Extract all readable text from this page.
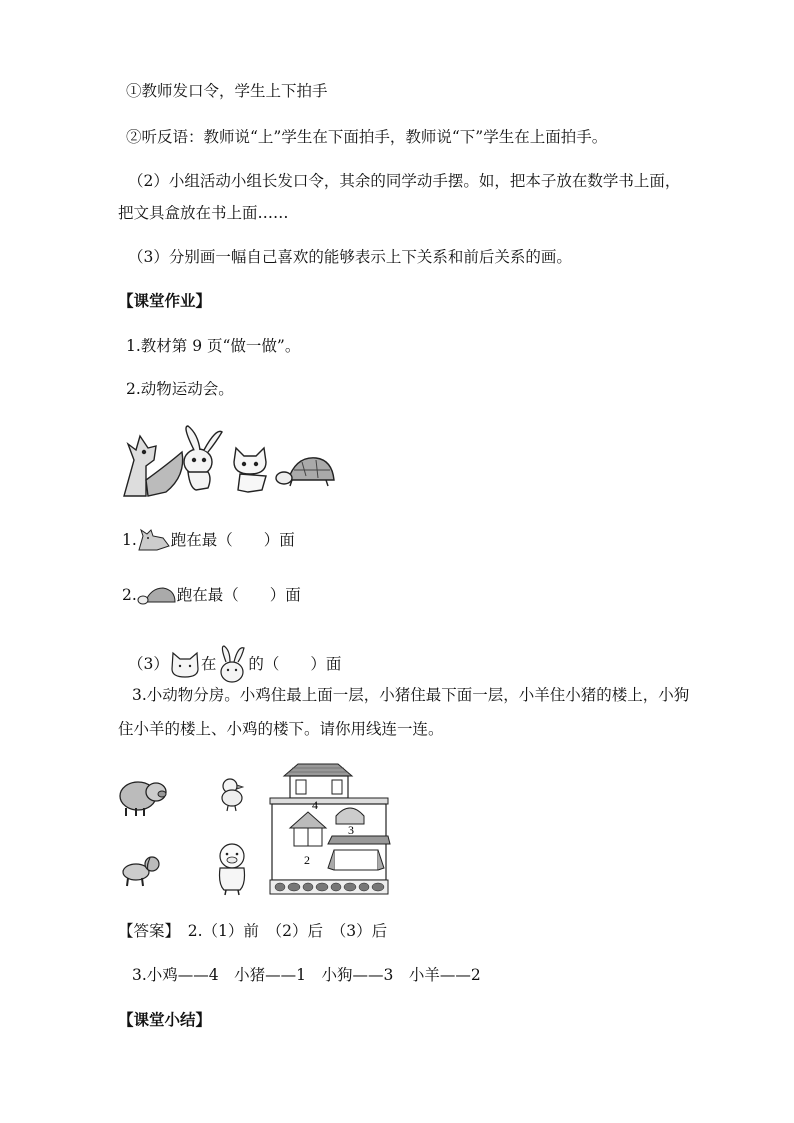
①教师发口令，学生上下拍手
②听反语：教师说“上”学生在下面拍手，教师说“下”学生在上面拍手。
（2）小组活动小组长发口令，其余的同学动手摆。如，把本子放在数学书上面，
把文具盒放在书上面……
（3）分别画一幅自己喜欢的能够表示上下关系和前后关系的画。
【课堂作业】
1.教材第 9 页“做一做”。
2.动物运动会。
1. 跑在最（　　）面
2.	跑在最（　　）面
（3） 在 的（　　）面
3.小动物分房。小鸡住最上面一层，小猪住最下面一层，小羊住小猪的楼上，小狗
住小羊的楼上、小鸡的楼下。请你用线连一连。
4
3
2
【答案】　2.（1）前　（2）后　（3）后
3.小鸡——4　小猪——1　小狗——3　小羊——2
【课堂小结】
